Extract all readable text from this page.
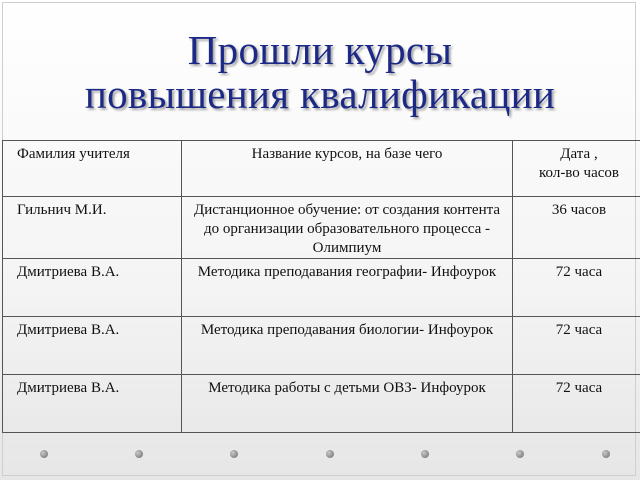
Прошли курсы
повышения квалификации
Фамилия учителя	Название курсов, на базе чего	Дата ,
кол-во часов

Гильнич М.И.	Дистанционное обучение: от создания контента до организации образовательного процесса - Олимпиум	36 часов
Дмитриева В.А.	Методика преподавания географии- Инфоурок	72 часа
Дмитриева В.А.	Методика преподавания биологии- Инфоурок	72 часа
Дмитриева В.А.	Методика работы с детьми ОВЗ- Инфоурок	72 часа
